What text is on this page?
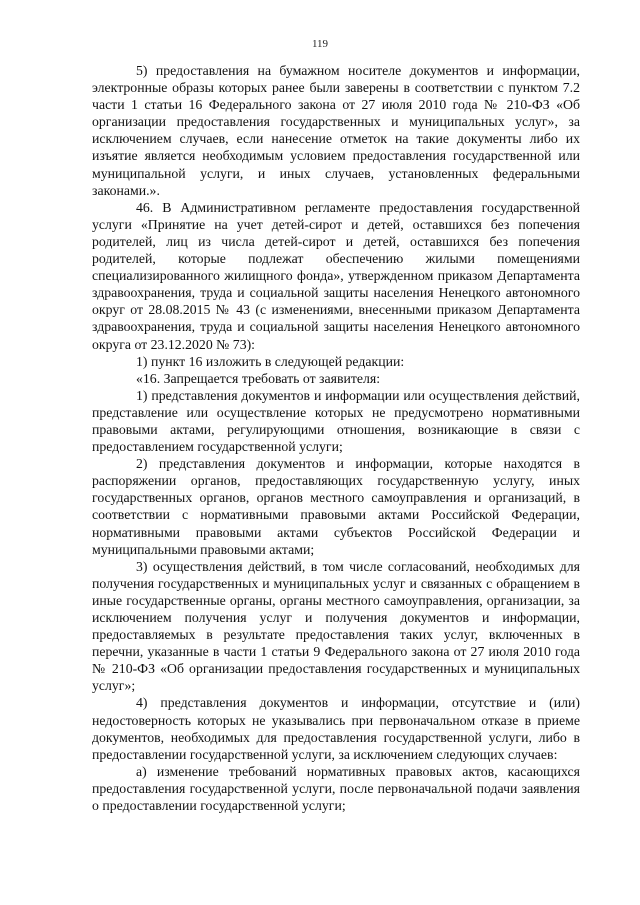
119

5) предоставления на бумажном носителе документов и информации, электронные образы которых ранее были заверены в соответствии с пунктом 7.2 части 1 статьи 16 Федерального закона от 27 июля 2010 года № 210-ФЗ «Об организации предоставления государственных и муниципальных услуг», за исключением случаев, если нанесение отметок на такие документы либо их изъятие является необходимым условием предоставления государственной или муниципальной услуги, и иных случаев, установленных федеральными законами.».

46. В Административном регламенте предоставления государственной услуги «Принятие на учет детей-сирот и детей, оставшихся без попечения родителей, лиц из числа детей-сирот и детей, оставшихся без попечения родителей, которые подлежат обеспечению жилыми помещениями специализированного жилищного фонда», утвержденном приказом Департамента здравоохранения, труда и социальной защиты населения Ненецкого автономного округ от 28.08.2015 № 43 (с изменениями, внесенными приказом Департамента здравоохранения, труда и социальной защиты населения Ненецкого автономного округа от 23.12.2020 № 73):

1) пункт 16 изложить в следующей редакции:

«16. Запрещается требовать от заявителя:

1) представления документов и информации или осуществления действий, представление или осуществление которых не предусмотрено нормативными правовыми актами, регулирующими отношения, возникающие в связи с предоставлением государственной услуги;

2) представления документов и информации, которые находятся в распоряжении органов, предоставляющих государственную услугу, иных государственных органов, органов местного самоуправления и организаций, в соответствии с нормативными правовыми актами Российской Федерации, нормативными правовыми актами субъектов Российской Федерации и муниципальными правовыми актами;

3) осуществления действий, в том числе согласований, необходимых для получения государственных и муниципальных услуг и связанных с обращением в иные государственные органы, органы местного самоуправления, организации, за исключением получения услуг и получения документов и информации, предоставляемых в результате предоставления таких услуг, включенных в перечни, указанные в части 1 статьи 9 Федерального закона от 27 июля 2010 года № 210-ФЗ «Об организации предоставления государственных и муниципальных услуг»;

4) представления документов и информации, отсутствие и (или) недостоверность которых не указывались при первоначальном отказе в приеме документов, необходимых для предоставления государственной услуги, либо в предоставлении государственной услуги, за исключением следующих случаев:

а) изменение требований нормативных правовых актов, касающихся предоставления государственной услуги, после первоначальной подачи заявления о предоставлении государственной услуги;
